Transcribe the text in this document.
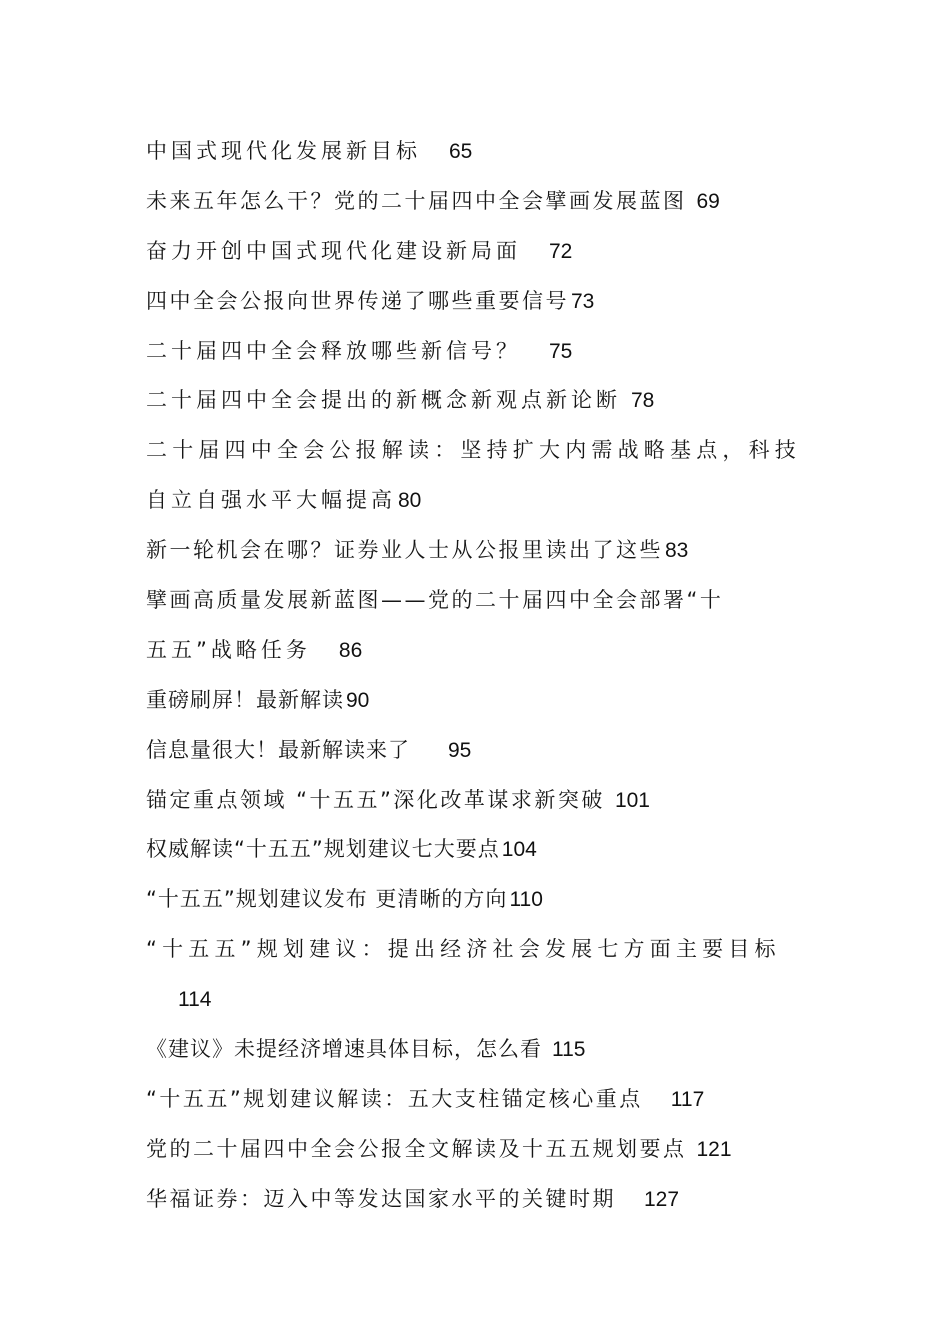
中国式现代化发展新目标 65
未来五年怎么干？党的二十届四中全会擘画发展蓝图 69
奋力开创中国式现代化建设新局面 72
四中全会公报向世界传递了哪些重要信号73
二十届四中全会释放哪些新信号？ 75
二十届四中全会提出的新概念新观点新论断 78
二十届四中全会公报解读：坚持扩大内需战略基点，科技
自立自强水平大幅提高80
新一轮机会在哪？证券业人士从公报里读出了这些83
擘画高质量发展新蓝图——党的二十届四中全会部署“十
五五”战略任务 86
重磅刷屏！最新解读90
信息量很大！最新解读来了 95
锚定重点领域 “十五五”深化改革谋求新突破 101
权威解读“十五五”规划建议七大要点104
“十五五”规划建议发布 更清晰的方向110
“十五五”规划建议：提出经济社会发展七方面主要目标
114
《建议》未提经济增速具体目标，怎么看 115
“十五五”规划建议解读：五大支柱锚定核心重点 117
党的二十届四中全会公报全文解读及十五五规划要点 121
华福证券：迈入中等发达国家水平的关键时期 127
